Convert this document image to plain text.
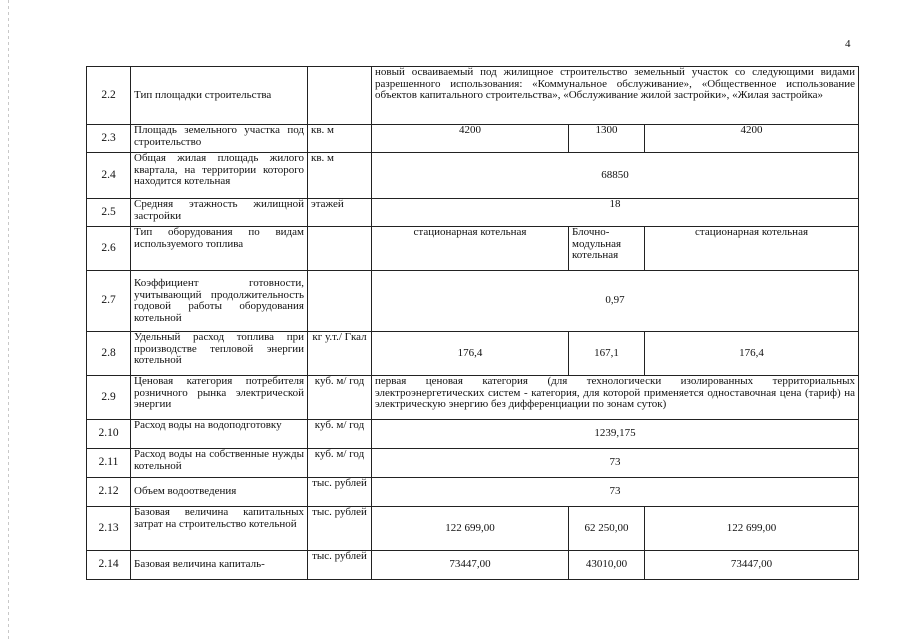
4
2.2	Тип площадки строительства		новый осваиваемый под жилищное строительство земельный участок со следующими видами разрешенного использования: «Коммунальное обслуживание», «Общественное использование объектов капитального строительства», «Обслуживание жилой застройки», «Жилая застройка»		
2.3	Площадь земельного участка под строительство	кв. м	4200	1300	4200
2.4	Общая жилая площадь жилого квартала, на территории которого находится котельная	кв. м	68850		
2.5	Средняя этажность жилищной застройки	этажей	18		
2.6	Тип оборудования по видам используемого топлива		стационарная котельная	Блочно-модульная котельная	стационарная котельная
2.7	Коэффициент готовности, учитывающий продолжительность годовой работы оборудования котельной		0,97		
2.8	Удельный расход топлива при производстве тепловой энергии котельной	кг у.т./ Гкал	176,4	167,1	176,4
2.9	Ценовая категория потребителя розничного рынка электрической энергии	куб. м/ год	первая ценовая категория (для технологически изолированных территориальных электроэнергетических систем - категория, для которой применяется одноставочная цена (тариф) на электрическую энергию без дифференциации по зонам суток)		
2.10	Расход воды на водоподготовку	куб. м/ год	1239,175		
2.11	Расход воды на собственные нужды котельной	куб. м/ год	73		
2.12	Объем водоотведения	тыс. рублей	73		
2.13	Базовая величина капитальных затрат на строительство котельной	тыс. рублей	122 699,00	62 250,00	122 699,00
2.14	Базовая величина капиталь-	тыс. рублей	73447,00	43010,00	73447,00
